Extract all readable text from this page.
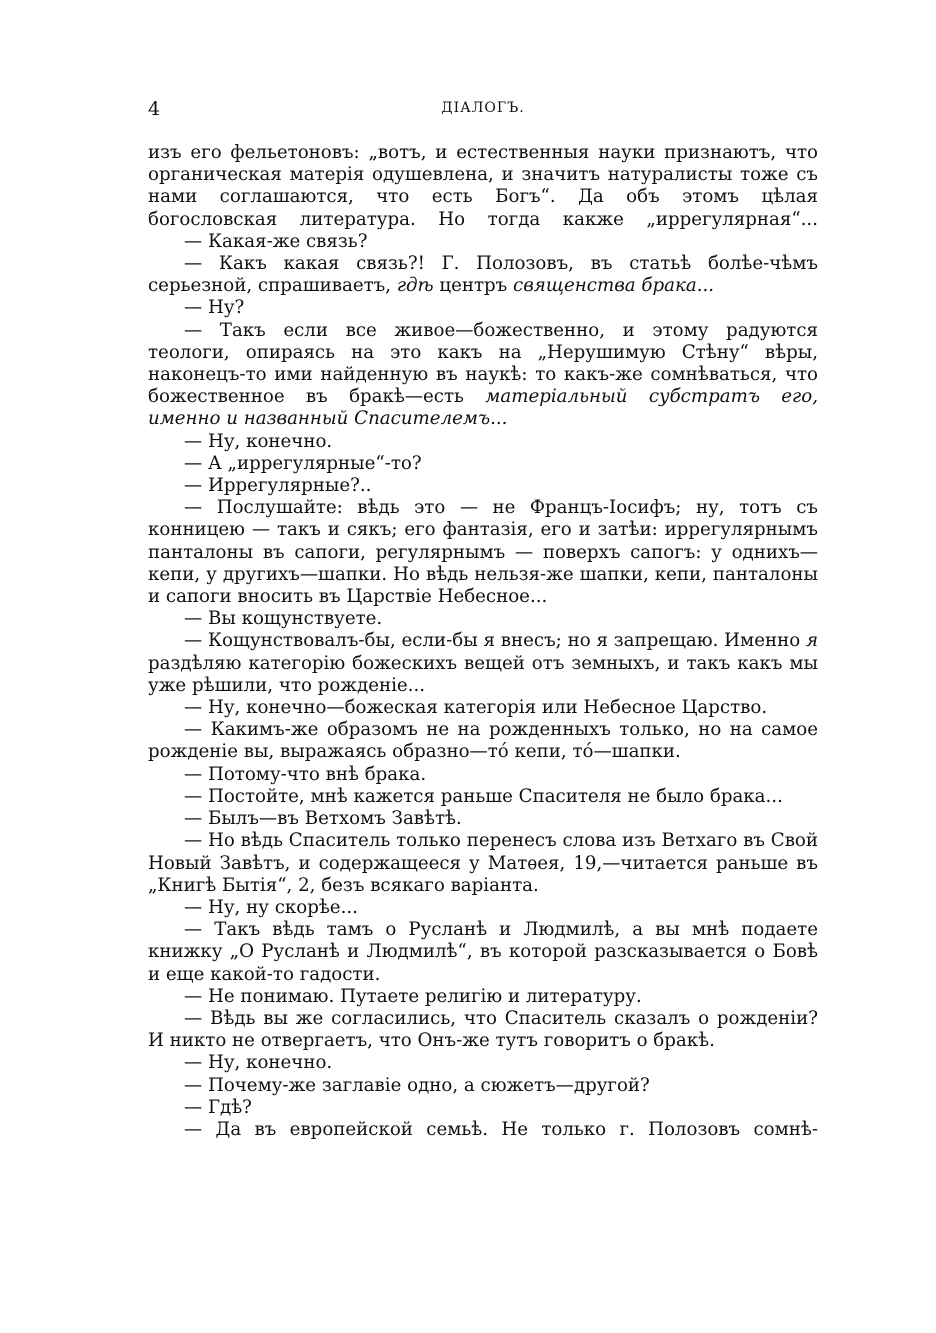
4	ДІАЛОГЪ.

изъ его фельетоновъ: „вотъ, и естественныя науки признаютъ, что органическая матерія одушевлена, и значитъ натуралисты тоже съ нами соглашаются, что есть Богъ“. Да объ этомъ цѣлая богословская литература. Но тогда какже „иррегулярная“...

— Какая-же связь?

— Какъ какая связь?! Г. Полозовъ, въ статьѣ болѣе-чѣмъ серьезной, спрашиваетъ, гдѣ центръ священства брака...

— Ну?

— Такъ если все живое—божественно, и этому радуются теологи, опираясь на это какъ на „Нерушимую Стѣну“ вѣры, наконецъ-то ими найденную въ наукѣ: то какъ-же сомнѣваться, что божественное въ бракѣ—есть матеріальный субстратъ его, именно и названный Спасителемъ...

— Ну, конечно.

— А „иррегулярные“-то?

— Иррегулярные?..

— Послушайте: вѣдь это — не Францъ-Іосифъ; ну, тотъ съ конницею — такъ и сякъ; его фантазія, его и затѣи: иррегулярнымъ панталоны въ сапоги, регулярнымъ — поверхъ сапогъ: у однихъ—кепи, у другихъ—шапки. Но вѣдь нельзя-же шапки, кепи, панталоны и сапоги вносить въ Царствіе Небесное...

— Вы кощунствуете.

— Кощунствовалъ-бы, если-бы я внесъ; но я запрещаю. Именно я раздѣляю категорію божескихъ вещей отъ земныхъ, и такъ какъ мы уже рѣшили, что рожденіе...

— Ну, конечно—божеская категорія или Небесное Царство.

— Какимъ-же образомъ не на рожденныхъ только, но на самое рожденіе вы, выражаясь образно—тó кепи, тó—шапки.

— Потому-что внѣ брака.

— Постойте, мнѣ кажется раньше Спасителя не было брака...

— Былъ—въ Ветхомъ Завѣтѣ.

— Но вѣдь Спаситель только перенесъ слова изъ Ветхаго въ Свой Новый Завѣтъ, и содержащееся у Матѳея, 19,—читается раньше въ „Книгѣ Бытія“, 2, безъ всякаго варіанта.

— Ну, ну скорѣе...

— Такъ вѣдь тамъ о Русланѣ и Людмилѣ, а вы мнѣ подаете книжку „О Русланѣ и Людмилѣ“, въ которой разсказывается о Бовѣ и еще какой-то гадости.

— Не понимаю. Путаете религію и литературу.

— Вѣдь вы же согласились, что Спаситель сказалъ о рожденіи? И никто не отвергаетъ, что Онъ-же тутъ говоритъ о бракѣ.

— Ну, конечно.

— Почему-же заглавіе одно, а сюжетъ—другой?

— Гдѣ?

— Да въ европейской семьѣ. Не только г. Полозовъ сомнѣ-
